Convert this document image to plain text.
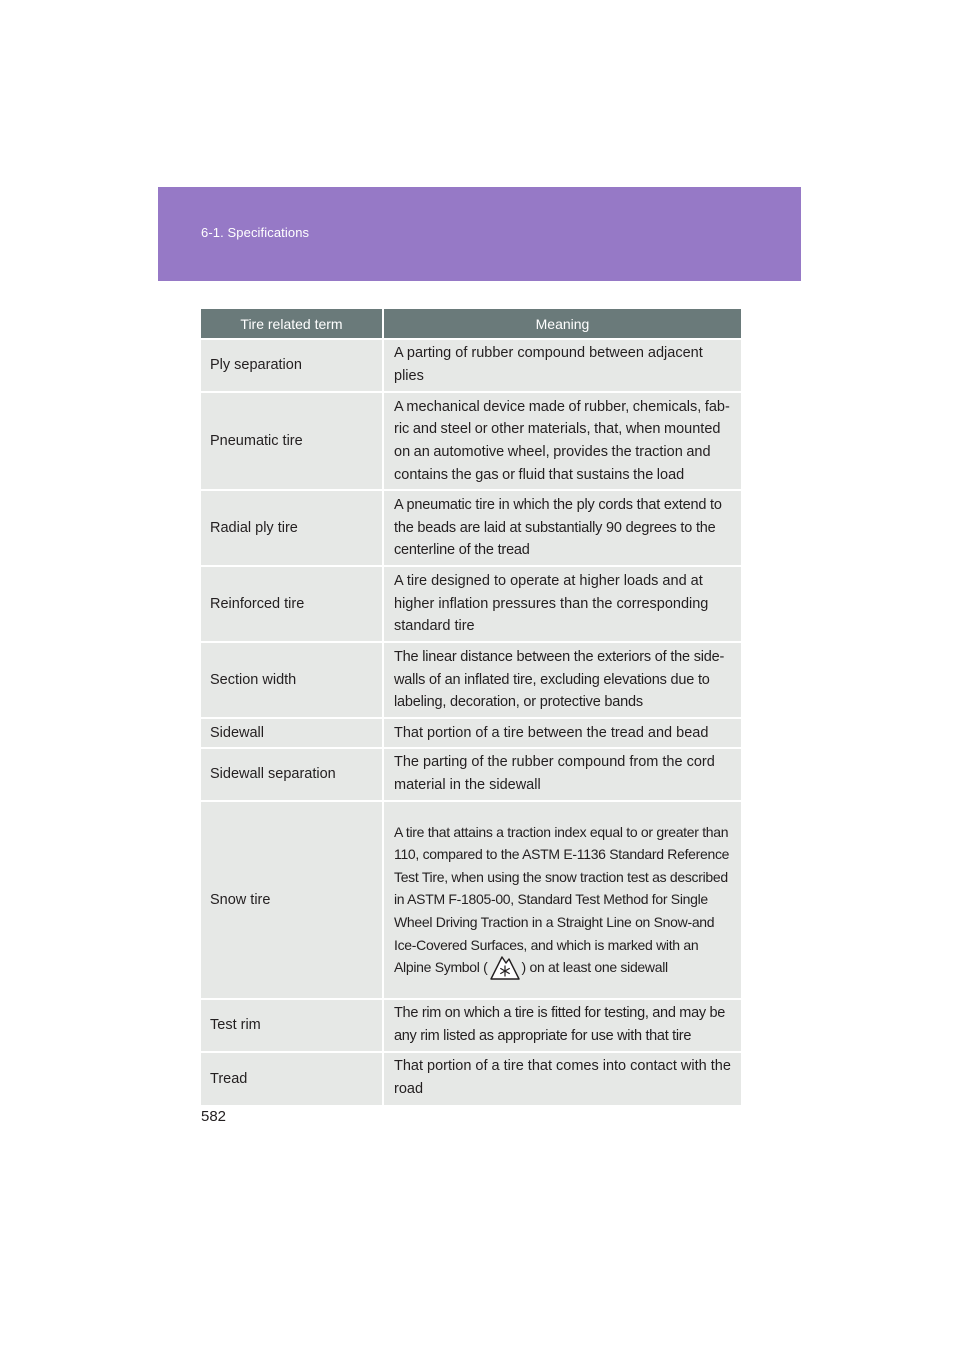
6-1. Specifications
Tire related term	Meaning
Ply separation	A parting of rubber compound between adjacent plies
Pneumatic tire	A mechanical device made of rubber, chemicals, fab-ric and steel or other materials, that, when mounted on an automotive wheel, provides the traction and contains the gas or fluid that sustains the load
Radial ply tire	A pneumatic tire in which the ply cords that extend to the beads are laid at substantially 90 degrees to the centerline of the tread
Reinforced tire	A tire designed to operate at higher loads and at higher inflation pressures than the corresponding standard tire
Section width	The linear distance between the exteriors of the side-walls of an inflated tire, excluding elevations due to labeling, decoration, or protective bands
Sidewall	That portion of a tire between the tread and bead
Sidewall separation	The parting of the rubber compound from the cord material in the sidewall
Snow tire	A tire that attains a traction index equal to or greater than 110, compared to the ASTM E-1136 Standard Reference Test Tire, when using the snow traction test as described in ASTM F-1805-00, Standard Test Method for Single Wheel Driving Traction in a Straight Line on Snow-and Ice-Covered Surfaces, and which is marked with an Alpine Symbol ( ) on at least one sidewall
Test rim	The rim on which a tire is fitted for testing, and may be any rim listed as appropriate for use with that tire
Tread	That portion of a tire that comes into contact with the road
582
